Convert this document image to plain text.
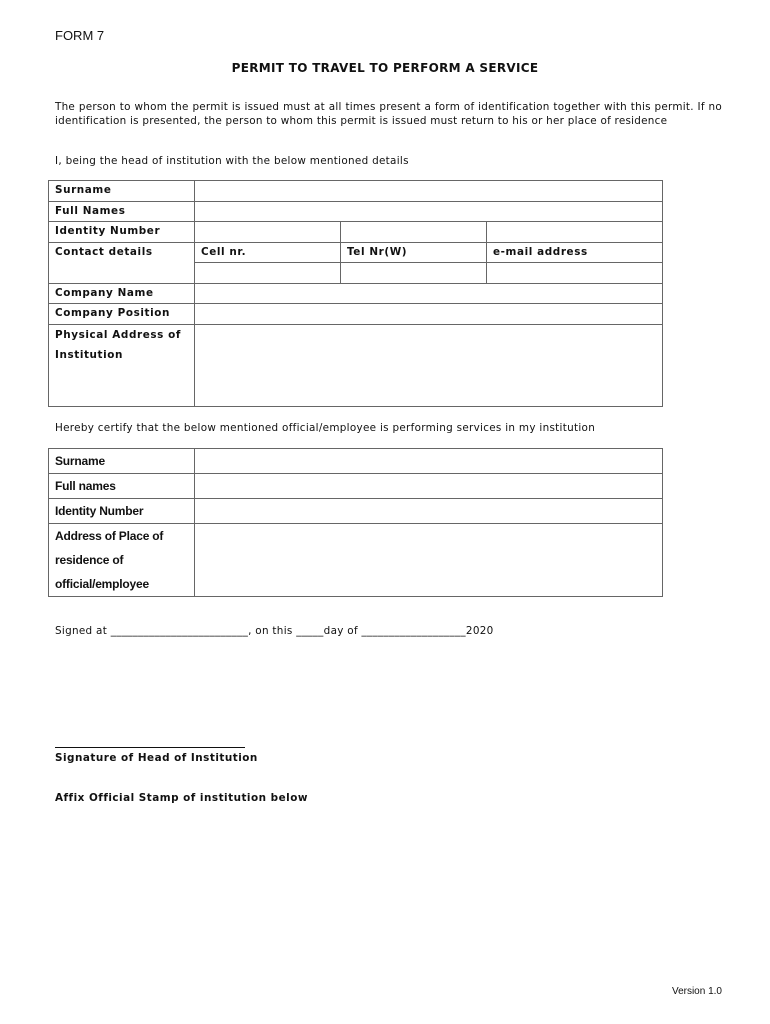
FORM 7
PERMIT TO TRAVEL TO PERFORM A SERVICE
The person to whom the permit is issued must at all times present a form of identification together with this permit. If no identification is presented, the person to whom this permit is issued must return to his or her place of residence
I, being the head of institution with the below mentioned details
Surname			
Full Names			
Identity Number			
Contact details	Cell nr.	Tel Nr(W)	e-mail address

Company Name			
Company Position			

Physical Address of
Institution			

Hereby certify that the below mentioned official/employee is performing services in my institution
Surname	
Full names	
Identity Number	

Address of Place of
residence of
official/employee	

Signed at _________________________, on this _____day of ___________________2020
Signature of Head of Institution
Affix Official Stamp of institution below
Version 1.0
